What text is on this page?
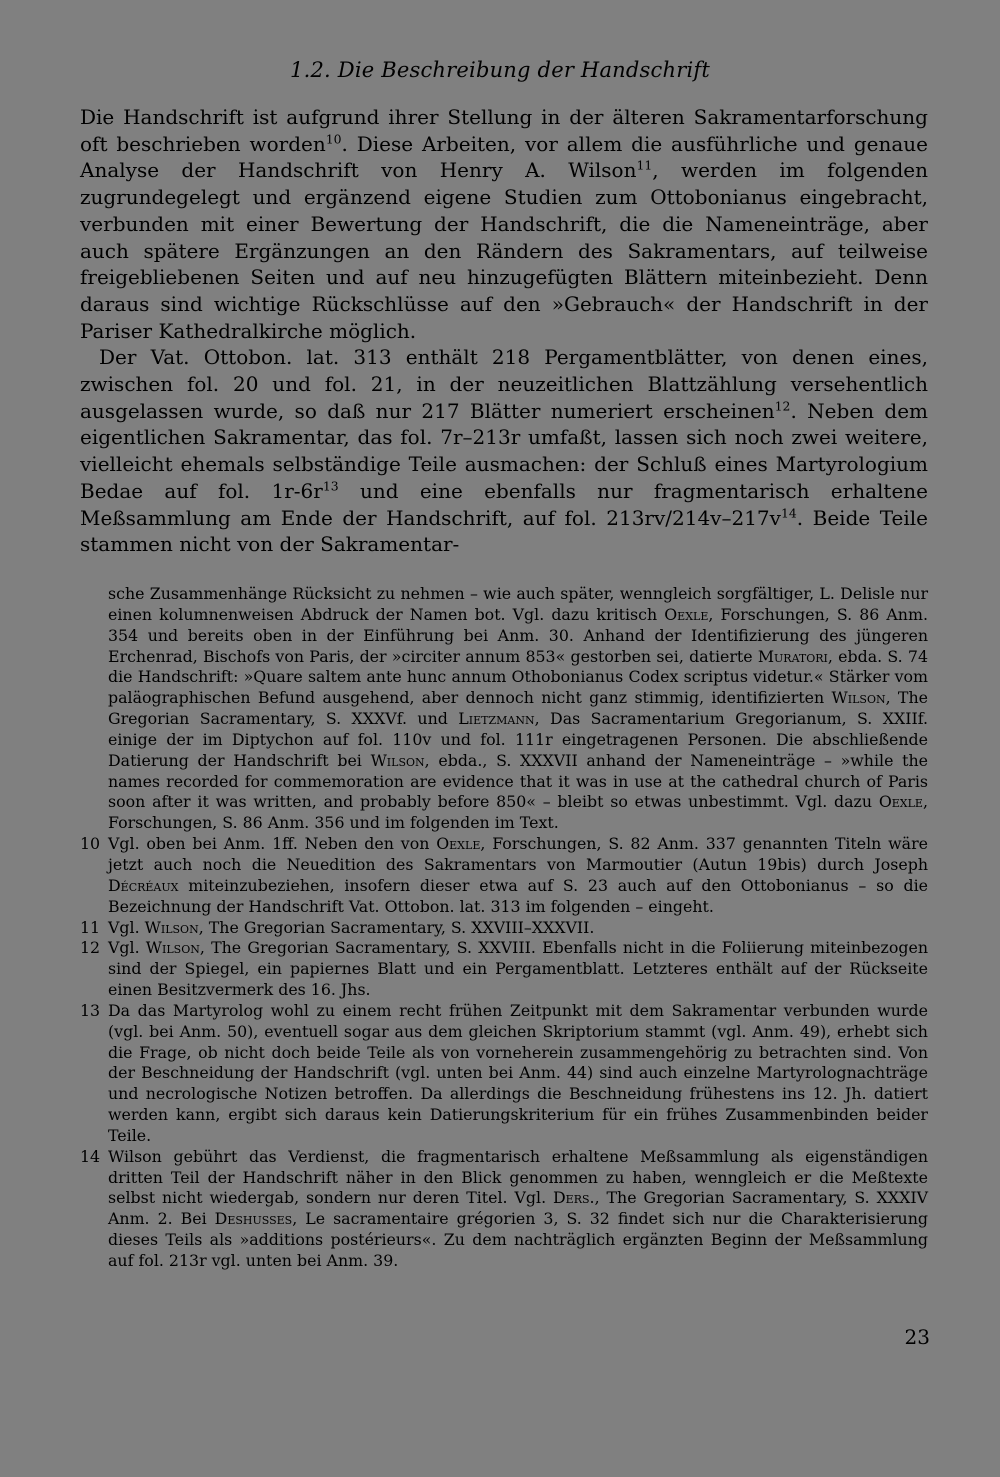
1.2. Die Beschreibung der Handschrift

Die Handschrift ist aufgrund ihrer Stellung in der älteren Sakramentarforschung oft beschrieben worden$^{10}$. Diese Arbeiten, vor allem die ausführliche und genaue Analyse der Handschrift von Henry A. Wilson$^{11}$, werden im folgenden zugrundegelegt und ergänzend eigene Studien zum Ottobonianus eingebracht, verbunden mit einer Bewertung der Handschrift, die die Nameneinträge, aber auch spätere Ergänzungen an den Rändern des Sakramentars, auf teilweise freigebliebenen Seiten und auf neu hinzugefügten Blättern miteinbezieht. Denn daraus sind wichtige Rückschlüsse auf den »Gebrauch« der Handschrift in der Pariser Kathedralkirche möglich.

Der Vat. Ottobon. lat. 313 enthält 218 Pergamentblätter, von denen eines, zwischen fol. 20 und fol. 21, in der neuzeitlichen Blattzählung versehentlich ausgelassen wurde, so daß nur 217 Blätter numeriert erscheinen$^{12}$. Neben dem eigentlichen Sakramentar, das fol. 7r–213r umfaßt, lassen sich noch zwei weitere, vielleicht ehemals selbständige Teile ausmachen: der Schluß eines Martyrologium Bedae auf fol. $1r-6r^{13}$ und eine ebenfalls nur fragmentarisch erhaltene Meßsammlung am Ende der Handschrift, auf fol. $213rv/214v-217v^{14}$. Beide Teile stammen nicht von der Sakramentar-

sche Zusammenhänge Rücksicht zu nehmen – wie auch später, wenngleich sorgfältiger, L. Delisle nur einen kolumnenweisen Abdruck der Namen bot. Vgl. dazu kritisch Oexle, Forschungen, S. 86 Anm. 354 und bereits oben in der Einführung bei Anm. 30. Anhand der Identifizierung des jüngeren Erchenrad, Bischofs von Paris, der »circiter annum 853« gestorben sei, datierte Muratori, ebda. S. 74 die Handschrift: »Quare saltem ante hunc annum Othobonianus Codex scriptus videtur.« Stärker vom paläographischen Befund ausgehend, aber dennoch nicht ganz stimmig, identifizierten Wilson, The Gregorian Sacramentary, S. XXXVf. und Lietzmann, Das Sacramentarium Gregorianum, S. XXIIf. einige der im Diptychon auf fol. 110v und fol. 111r eingetragenen Personen. Die abschließende Datierung der Handschrift bei Wilson, ebda., S. XXXVII anhand der Nameneinträge – »while the names recorded for commemoration are evidence that it was in use at the cathedral church of Paris soon after it was written, and probably before 850« – bleibt so etwas unbestimmt. Vgl. dazu Oexle, Forschungen, S. 86 Anm. 356 und im folgenden im Text.
10 Vgl. oben bei Anm. 1ff. Neben den von Oexle, Forschungen, S. 82 Anm. 337 genannten Titeln wäre jetzt auch noch die Neuedition des Sakramentars von Marmoutier (Autun 19bis) durch Joseph Décréaux miteinzubeziehen, insofern dieser etwa auf S. 23 auch auf den Ottobonianus – so die Bezeichnung der Handschrift Vat. Ottobon. lat. 313 im folgenden – eingeht.
11 Vgl. Wilson, The Gregorian Sacramentary, S. XXVIII–XXXVII.
12 Vgl. Wilson, The Gregorian Sacramentary, S. XXVIII. Ebenfalls nicht in die Foliierung miteinbezogen sind der Spiegel, ein papiernes Blatt und ein Pergamentblatt. Letzteres enthält auf der Rückseite einen Besitzvermerk des 16. Jhs.
13 Da das Martyrolog wohl zu einem recht frühen Zeitpunkt mit dem Sakramentar verbunden wurde (vgl. bei Anm. 50), eventuell sogar aus dem gleichen Skriptorium stammt (vgl. Anm. 49), erhebt sich die Frage, ob nicht doch beide Teile als von vorneherein zusammengehörig zu betrachten sind. Von der Beschneidung der Handschrift (vgl. unten bei Anm. 44) sind auch einzelne Martyrolognachträge und necrologische Notizen betroffen. Da allerdings die Beschneidung frühestens ins 12. Jh. datiert werden kann, ergibt sich daraus kein Datierungskriterium für ein frühes Zusammenbinden beider Teile.
14 Wilson gebührt das Verdienst, die fragmentarisch erhaltene Meßsammlung als eigenständigen dritten Teil der Handschrift näher in den Blick genommen zu haben, wenngleich er die Meßtexte selbst nicht wiedergab, sondern nur deren Titel. Vgl. Ders., The Gregorian Sacramentary, S. XXXIV Anm. 2. Bei Deshusses, Le sacramentaire grégorien 3, S. 32 findet sich nur die Charakterisierung dieses Teils als »additions postérieurs«. Zu dem nachträglich ergänzten Beginn der Meßsammlung auf fol. 213r vgl. unten bei Anm. 39.
23
